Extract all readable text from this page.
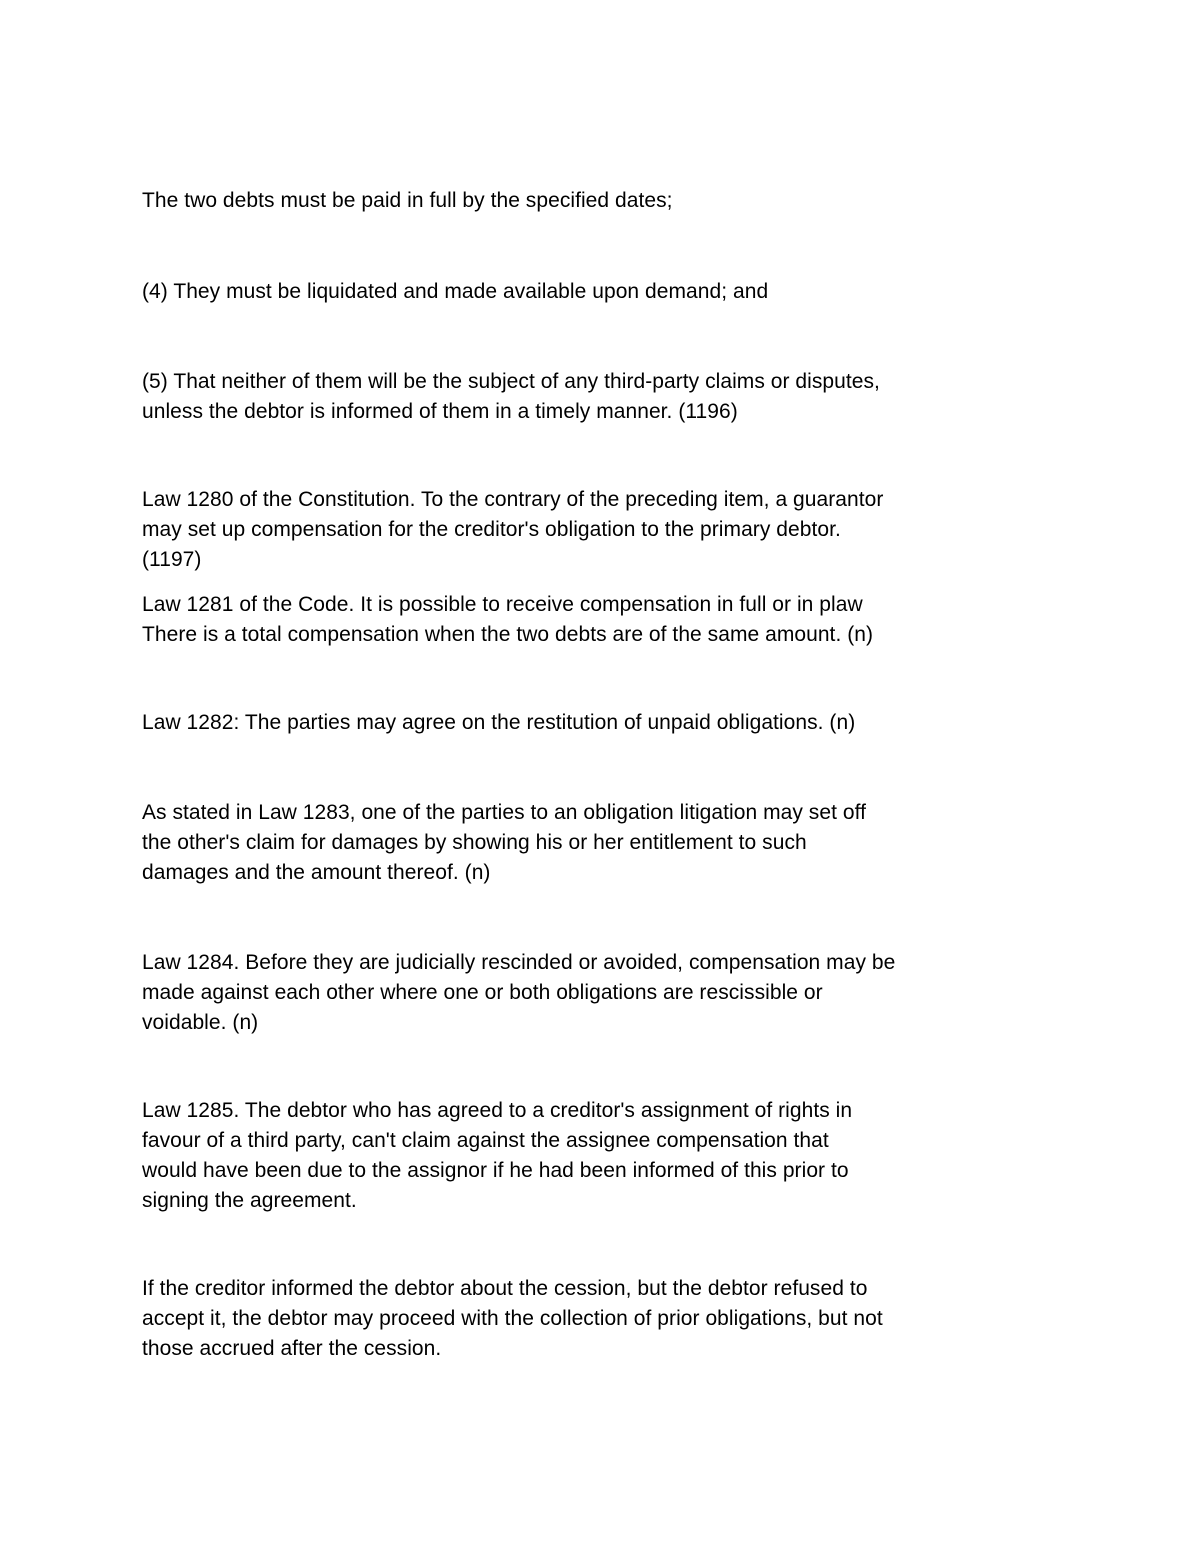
The two debts must be paid in full by the specified dates;

(4) They must be liquidated and made available upon demand; and

(5) That neither of them will be the subject of any third-party claims or disputes,
unless the debtor is informed of them in a timely manner. (1196)

Law 1280 of the Constitution. To the contrary of the preceding item, a guarantor
may set up compensation for the creditor's obligation to the primary debtor.
(1197)

Law 1281 of the Code. It is possible to receive compensation in full or in plaw
There is a total compensation when the two debts are of the same amount. (n)

Law 1282: The parties may agree on the restitution of unpaid obligations. (n)

As stated in Law 1283, one of the parties to an obligation litigation may set off
the other's claim for damages by showing his or her entitlement to such
damages and the amount thereof. (n)

Law 1284. Before they are judicially rescinded or avoided, compensation may be
made against each other where one or both obligations are rescissible or
voidable. (n)

Law 1285. The debtor who has agreed to a creditor's assignment of rights in
favour of a third party, can't claim against the assignee compensation that
would have been due to the assignor if he had been informed of this prior to
signing the agreement.

If the creditor informed the debtor about the cession, but the debtor refused to
accept it, the debtor may proceed with the collection of prior obligations, but not
those accrued after the cession.
